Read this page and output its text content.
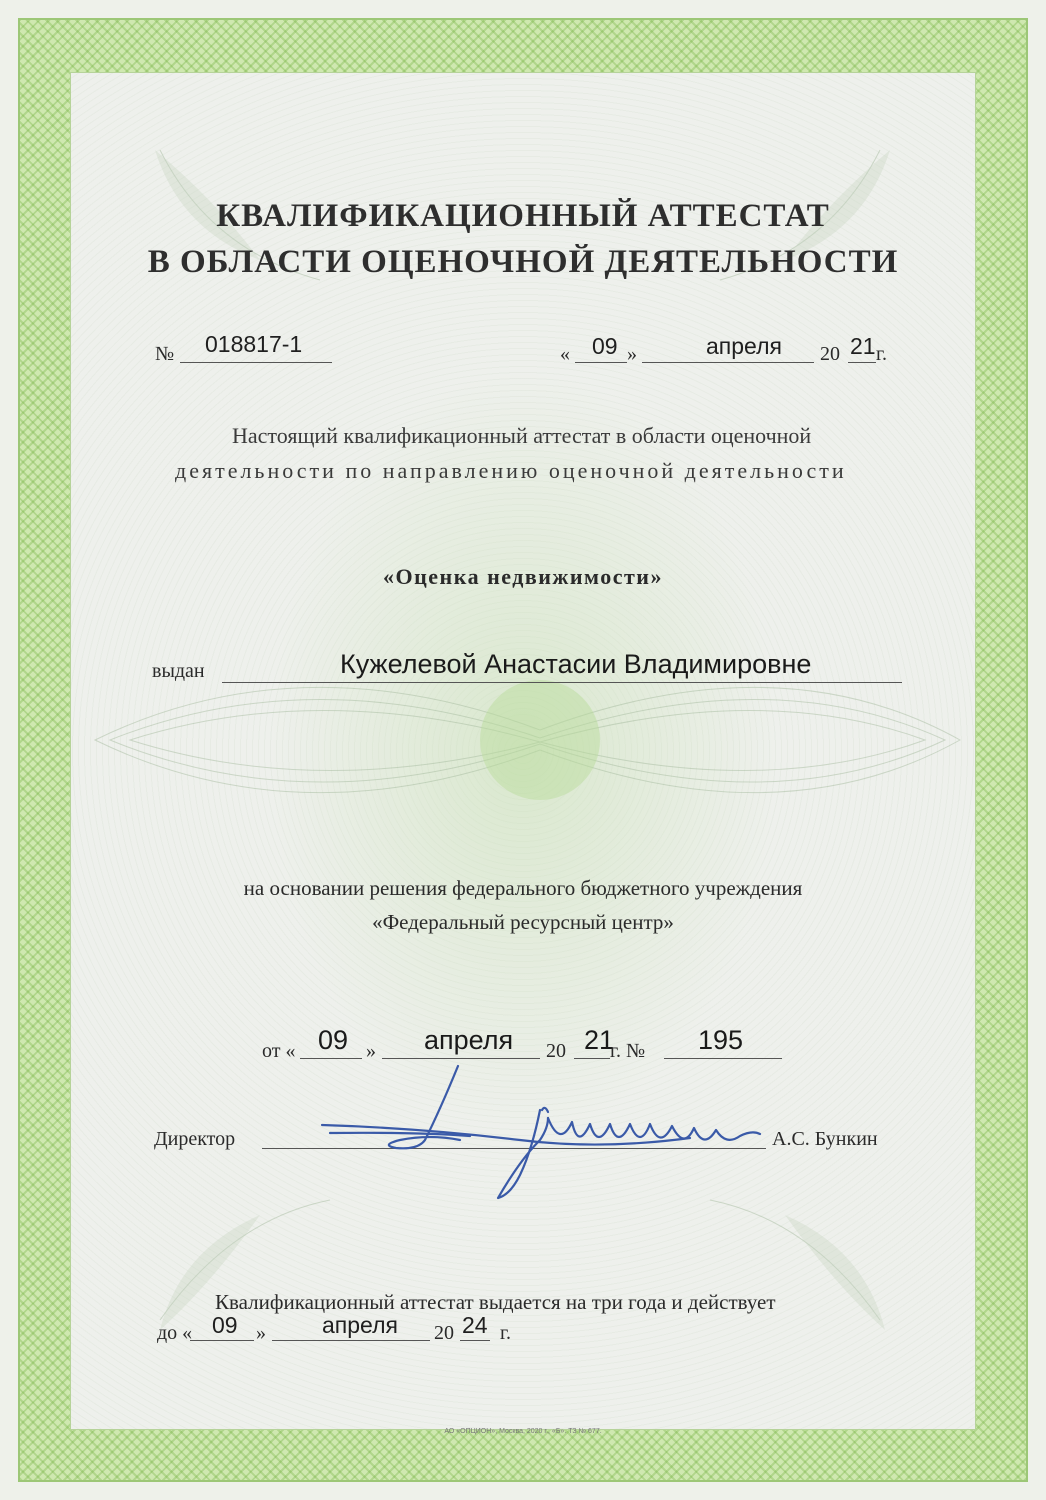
КВАЛИФИКАЦИОННЫЙ АТТЕСТАТ
В ОБЛАСТИ ОЦЕНОЧНОЙ ДЕЯТЕЛЬНОСТИ
№ 018817-1	« 09 »	апреля 20 21 г.
Настоящий квалификационный аттестат в области оценочной
деятельности по направлению оценочной деятельности
«Оценка недвижимости»
выдан	Кужелевой Анастасии Владимировне
на основании решения федерального бюджетного учреждения
«Федеральный ресурсный центр»
от « 09 » апреля 20 21
г. № 195
Директор	А.С. Бункин
Квалификационный аттестат выдается на три года и действует
до « 09 » апреля 20 24 г.
АО «ОПЦИОН», Москва, 2020 г., «Б». ТЗ № 677.
